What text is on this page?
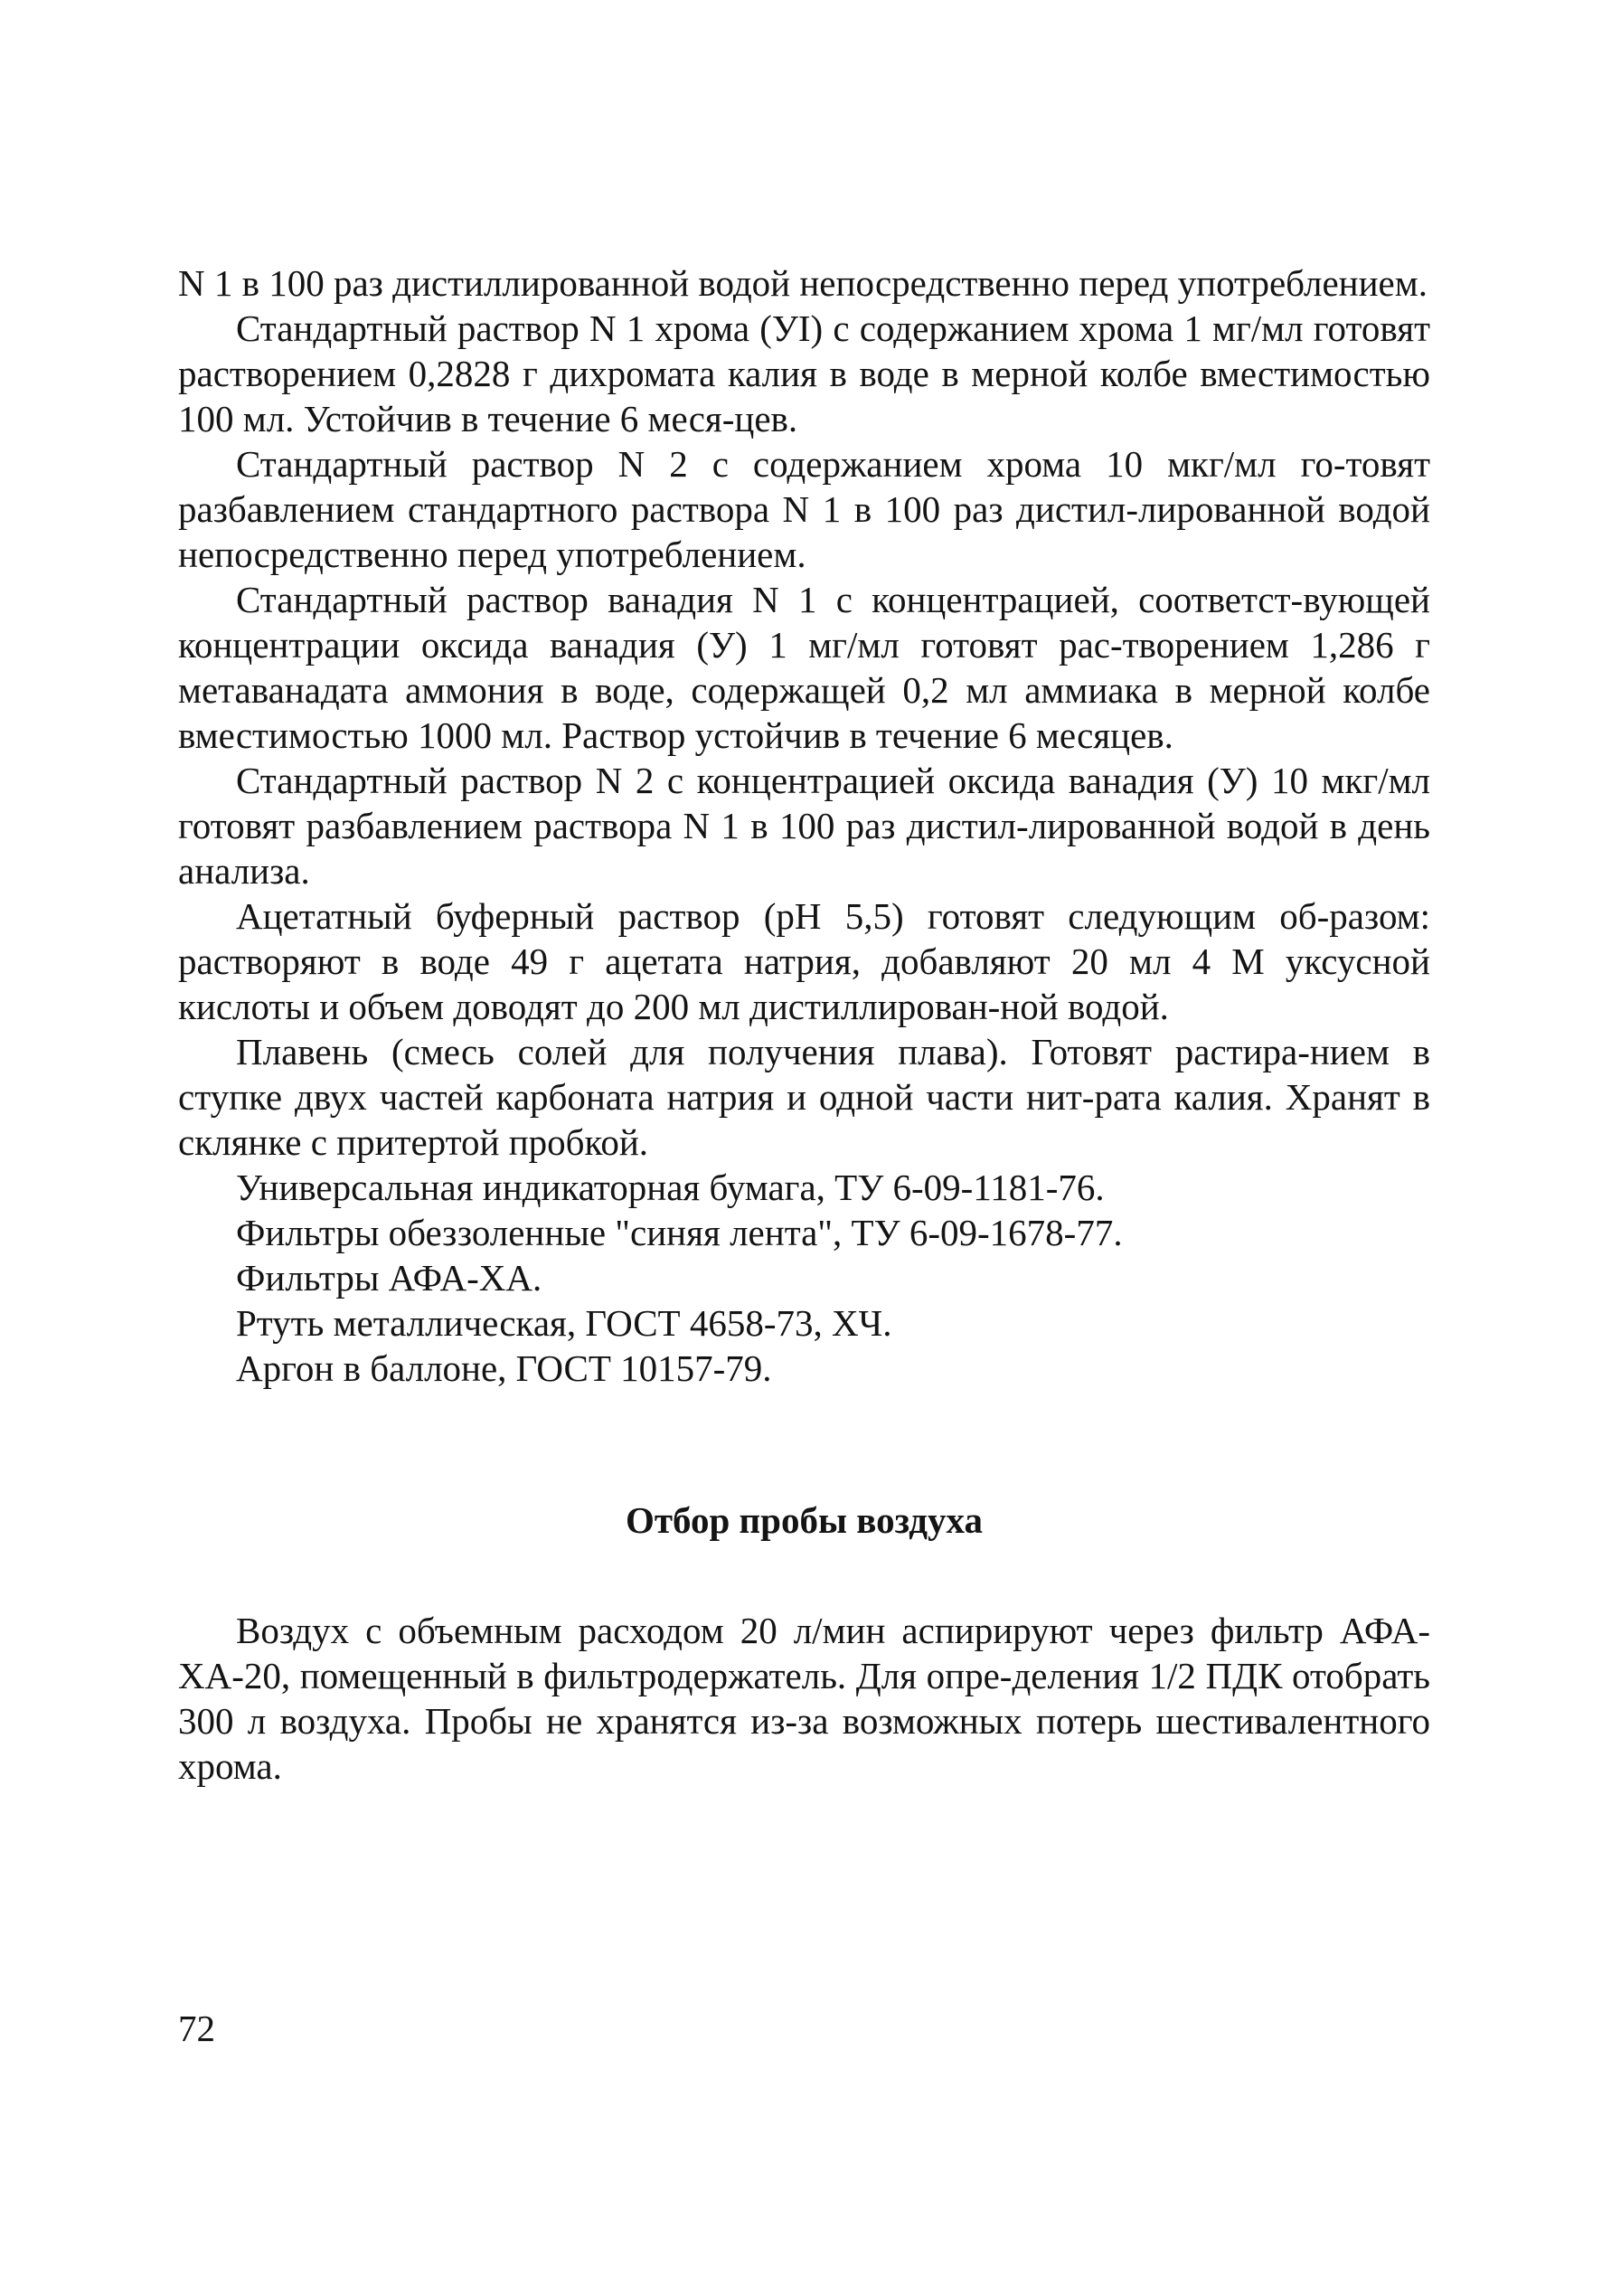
N 1 в 100 раз дистиллированной водой непосредственно перед употреблением.

Стандартный раствор N 1 хрома (УI) с содержанием хрома 1 мг/мл готовят растворением 0,2828 г дихромата калия в воде в мерной колбе вместимостью 100 мл. Устойчив в течение 6 меся-цев.

Стандартный раствор N 2 с содержанием хрома 10 мкг/мл го-товят разбавлением стандартного раствора N 1 в 100 раз дистил-лированной водой непосредственно перед употреблением.

Стандартный раствор ванадия N 1 с концентрацией, соответст-вующей концентрации оксида ванадия (У) 1 мг/мл готовят рас-творением 1,286 г метаванадата аммония в воде, содержащей 0,2 мл аммиака в мерной колбе вместимостью 1000 мл. Раствор устойчив в течение 6 месяцев.

Стандартный раствор N 2 с концентрацией оксида ванадия (У) 10 мкг/мл готовят разбавлением раствора N 1 в 100 раз дистил-лированной водой в день анализа.

Ацетатный буферный раствор (рН 5,5) готовят следующим об-разом: растворяют в воде 49 г ацетата натрия, добавляют 20 мл 4 М уксусной кислоты и объем доводят до 200 мл дистиллирован-ной водой.

Плавень (смесь солей для получения плава). Готовят растира-нием в ступке двух частей карбоната натрия и одной части нит-рата калия. Хранят в склянке с притертой пробкой.

Универсальная индикаторная бумага, ТУ 6-09-1181-76.

Фильтры обеззоленные "синяя лента", ТУ 6-09-1678-77.

Фильтры АФА-ХА.

Ртуть металлическая, ГОСТ 4658-73, ХЧ.

Аргон в баллоне, ГОСТ 10157-79.

Отбор пробы воздуха

Воздух с объемным расходом 20 л/мин аспирируют через фильтр АФА-ХА-20, помещенный в фильтродержатель. Для опре-деления 1/2 ПДК отобрать 300 л воздуха. Пробы не хранятся из-за возможных потерь шестивалентного хрома.

72
